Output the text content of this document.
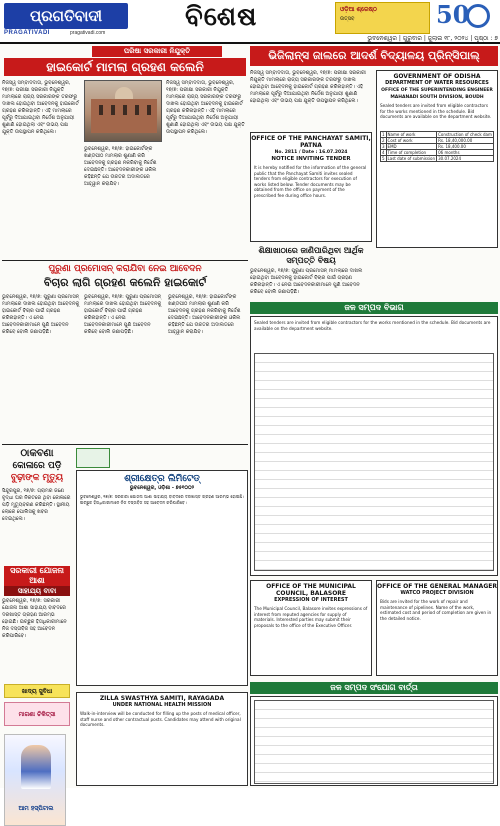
ପ୍ରଗତିବାଦୀ
PRAGATIVADI	pragativadi.com
ବିଶେଷ	ଓଡ଼ିଆ ଶ୍ରେଷ୍ଠ
ଉତ୍ସବ	50
ଭୁବନେଶ୍ୱର | ଗୁରୁବାର | ଜୁଲାଇ ୧୮, ୨୦୨୪ | ପୃଷ୍ଠା : ୭
ପରିଷା ସରକାରୀ ନିଯୁକ୍ତି
ହାଇକୋର୍ଟ ମାମଲା ଗ୍ରହଣ କଲେନି
ନିଜସ୍ୱ ସମ୍ବାଦଦାତା, ଭୁବନେଶ୍ୱର, ୧୭/୭: ପରୀକ୍ଷା ସରକାରୀ ନିଯୁକ୍ତି ମାମଲାରେ ରାଜ୍ୟ ସରକାରଙ୍କ ତରଫରୁ ଦାଖଲ ହୋଇଥିବା ଆବେଦନକୁ ହାଇକୋର୍ଟ ଗ୍ରହଣ କରିନାହାନ୍ତି। ଏହି ମାମଲାରେ ପୂର୍ବରୁ ଦିଆଯାଇଥିବା ନିର୍ଦ୍ଦେଶ ଅନୁଯାୟୀ ଶୁଣାଣି ହୋଇଥିଲା ଏବଂ ଉଭୟ ପକ୍ଷ ଯୁକ୍ତି ଉପସ୍ଥାପନ କରିଥିଲେ।
ଭୁବନେଶ୍ୱର, ୧୭/୭: ହାଇକୋର୍ଟଙ୍କ ଖଣ୍ଡପୀଠ ମାମଲାର ଶୁଣାଣି କରି ଆବେଦନକୁ ଗ୍ରହଣ ନକରିବାକୁ ନିର୍ଦ୍ଦେଶ ଦେଇଛନ୍ତି। ଆବେଦନକାରୀଙ୍କ ଓକିଲ କହିଛନ୍ତି ଯେ ଉଚ୍ଚତର ଅଦାଲତରେ ଆହ୍ୱାନ କରାଯିବ।
ନିଜସ୍ୱ ସମ୍ବାଦଦାତା, ଭୁବନେଶ୍ୱର, ୧୭/୭: ପରୀକ୍ଷା ସରକାରୀ ନିଯୁକ୍ତି ମାମଲାରେ ରାଜ୍ୟ ସରକାରଙ୍କ ତରଫରୁ ଦାଖଲ ହୋଇଥିବା ଆବେଦନକୁ ହାଇକୋର୍ଟ ଗ୍ରହଣ କରିନାହାନ୍ତି। ଏହି ମାମଲାରେ ପୂର୍ବରୁ ଦିଆଯାଇଥିବା ନିର୍ଦ୍ଦେଶ ଅନୁଯାୟୀ ଶୁଣାଣି ହୋଇଥିଲା ଏବଂ ଉଭୟ ପକ୍ଷ ଯୁକ୍ତି ଉପସ୍ଥାପନ କରିଥିଲେ।
ପୁରୁଣା ପ୍ରମୋସନ୍ କରାଯିବା ନେଇ ଆବେଦନ
ବିଚାର ଲାଗି ଗ୍ରହଣ କଲେନି ହାଇକୋର୍ଟ
ଭୁବନେଶ୍ୱର, ୧୭/୭: ପୁରୁଣା ପ୍ରମୋସନ୍ ମାମଲାରେ ଦାଖଲ ହୋଇଥିବା ଆବେଦନକୁ ହାଇକୋର୍ଟ ବିଚାର ପାଇଁ ଗ୍ରହଣ କରିନାହାନ୍ତି। ଏ ନେଇ ଆବେଦନକାରୀମାନେ ପୁଣି ଆବେଦନ କରିବେ ବୋଲି ଜଣାପଡ଼ିଛି।
ଭୁବନେଶ୍ୱର, ୧୭/୭: ପୁରୁଣା ପ୍ରମୋସନ୍ ମାମଲାରେ ଦାଖଲ ହୋଇଥିବା ଆବେଦନକୁ ହାଇକୋର୍ଟ ବିଚାର ପାଇଁ ଗ୍ରହଣ କରିନାହାନ୍ତି। ଏ ନେଇ ଆବେଦନକାରୀମାନେ ପୁଣି ଆବେଦନ କରିବେ ବୋଲି ଜଣାପଡ଼ିଛି।
ଭୁବନେଶ୍ୱର, ୧୭/୭: ହାଇକୋର୍ଟଙ୍କ ଖଣ୍ଡପୀଠ ମାମଲାର ଶୁଣାଣି କରି ଆବେଦନକୁ ଗ୍ରହଣ ନକରିବାକୁ ନିର୍ଦ୍ଦେଶ ଦେଇଛନ୍ତି। ଆବେଦନକାରୀଙ୍କ ଓକିଲ କହିଛନ୍ତି ଯେ ଉଚ୍ଚତର ଅଦାଲତରେ ଆହ୍ୱାନ କରାଯିବ।
ଠାକବଣା
କୋଳାରେ ପଡ଼ି
ବୁଢ଼ୀଙ୍କ ମୃତ୍ୟୁ
ସିନ୍ଦୁରପୁର, ୧୭/୭: ଗ୍ରାମର ଜଣେ ବୃଦ୍ଧା ଘର ନିକଟରେ ଥିବା କୋଳାରେ ପଡ଼ି ମୃତ୍ୟୁବରଣ କରିଛନ୍ତି। ସ୍ଥାନୀୟ ଲୋକେ ପୋଲିସକୁ ଖବର ଦେଇଥିଲେ।
ସରକାରୀ ଯୋଜନା ଆଶା
ସାହାଯ୍ୟ ବାବା
ଭୁବନେଶ୍ୱର, ୧୭/୭: ସରକାରୀ ଯୋଜନା ଆଶା ସାହାଯ୍ୟ ବାବଦରେ ଦରଖାସ୍ତ ଗ୍ରହଣ ଆରମ୍ଭ ହୋଇଛି। ଇଚ୍ଛୁକ ହିତାଧିକାରୀମାନେ ନିଜ ଦସ୍ତାବିଜ ସହ ଆବେଦନ କରିପାରିବେ।
ଖାଦ୍ୟ ସୁବିଧା
ମାଗଣା ଚିକିତ୍ସା
ଆମ ହସ୍ପିଟାଲ
ଶ୍ରୀକ୍ଷେତ୍ର ଲିମିଟେଡ୍
ଭୁବନେଶ୍ୱର, ଓଡ଼ିଶା - ୭୫୧୦୦୨
ଭୁବନେଶ୍ୱର, ୧୭/୭: ସରକାରୀ ଯୋଜନା ଆଶା ସାହାଯ୍ୟ ବାବଦରେ ଦରଖାସ୍ତ ଗ୍ରହଣ ଆରମ୍ଭ ହୋଇଛି। ଇଚ୍ଛୁକ ହିତାଧିକାରୀମାନେ ନିଜ ଦସ୍ତାବିଜ ସହ ଆବେଦନ କରିପାରିବେ।
ZILLA SWASTHYA SAMITI, RAYAGADA
UNDER NATIONAL HEALTH MISSION
Walk-in-interview will be conducted for filling up the posts of medical officer, staff nurse and other contractual posts. Candidates may attend with original documents.
ଭିଜିଲାନ୍ସ ଜାଲରେ ଆଦର୍ଶ ବିଦ୍ୟାଳୟ ପ୍ରିନ୍ସିପାଲ୍
ନିଜସ୍ୱ ସମ୍ବାଦଦାତା, ଭୁବନେଶ୍ୱର, ୧୭/୭: ପରୀକ୍ଷା ସରକାରୀ ନିଯୁକ୍ତି ମାମଲାରେ ରାଜ୍ୟ ସରକାରଙ୍କ ତରଫରୁ ଦାଖଲ ହୋଇଥିବା ଆବେଦନକୁ ହାଇକୋର୍ଟ ଗ୍ରହଣ କରିନାହାନ୍ତି। ଏହି ମାମଲାରେ ପୂର୍ବରୁ ଦିଆଯାଇଥିବା ନିର୍ଦ୍ଦେଶ ଅନୁଯାୟୀ ଶୁଣାଣି ହୋଇଥିଲା ଏବଂ ଉଭୟ ପକ୍ଷ ଯୁକ୍ତି ଉପସ୍ଥାପନ କରିଥିଲେ।
OFFICE OF THE PANCHAYAT SAMITI, PATNA
No. 2811 / Date : 16.07.2024
NOTICE INVITING TENDER
It is hereby notified for the information of the general public that the Panchayat Samiti invites sealed tenders from eligible contractors for execution of works listed below. Tender documents may be obtained from the office on payment of the prescribed fee during office hours.
ଶିକ୍ଷାଖାଠାରେ ଜାଣିପାରିଥିବା ଆର୍ଥିକ ସମ୍ପତ୍ତି ବିଷୟ
ଭୁବନେଶ୍ୱର, ୧୭/୭: ପୁରୁଣା ପ୍ରମୋସନ୍ ମାମଲାରେ ଦାଖଲ ହୋଇଥିବା ଆବେଦନକୁ ହାଇକୋର୍ଟ ବିଚାର ପାଇଁ ଗ୍ରହଣ କରିନାହାନ୍ତି। ଏ ନେଇ ଆବେଦନକାରୀମାନେ ପୁଣି ଆବେଦନ କରିବେ ବୋଲି ଜଣାପଡ଼ିଛି।
GOVERNMENT OF ODISHA
DEPARTMENT OF WATER RESOURCES
OFFICE OF THE SUPERINTENDING ENGINEER
MAHANADI SOUTH DIVISION, BOUDH
Sealed tenders are invited from eligible contractors for the works mentioned in the schedule. Bid documents are available on the department website.
1	Name of work	Construction of check dam
2	Cost of work	Rs. 18,40,000.00
3	EMD	Rs. 18,400.00
4	Time of completion	06 months
5	Last date of submission	30.07.2024
ଜଳ ସମ୍ପଦ ବିଭାଗ
Sealed tenders are invited from eligible contractors for the works mentioned in the schedule. Bid documents are available on the department website.
OFFICE OF THE MUNICIPAL COUNCIL, BALASORE
EXPRESSION OF INTEREST
The Municipal Council, Balasore invites expressions of interest from reputed agencies for supply of materials. Interested parties may submit their proposals to the office of the Executive Officer.
OFFICE OF THE GENERAL MANAGER
WATCO PROJECT DIVISION
Bids are invited for the work of repair and maintenance of pipelines. Name of the work, estimated cost and period of completion are given in the detailed notice.
ଜଳ ସମ୍ପଦ ସଂଯୋଗ ବାର୍ତ୍ତା
